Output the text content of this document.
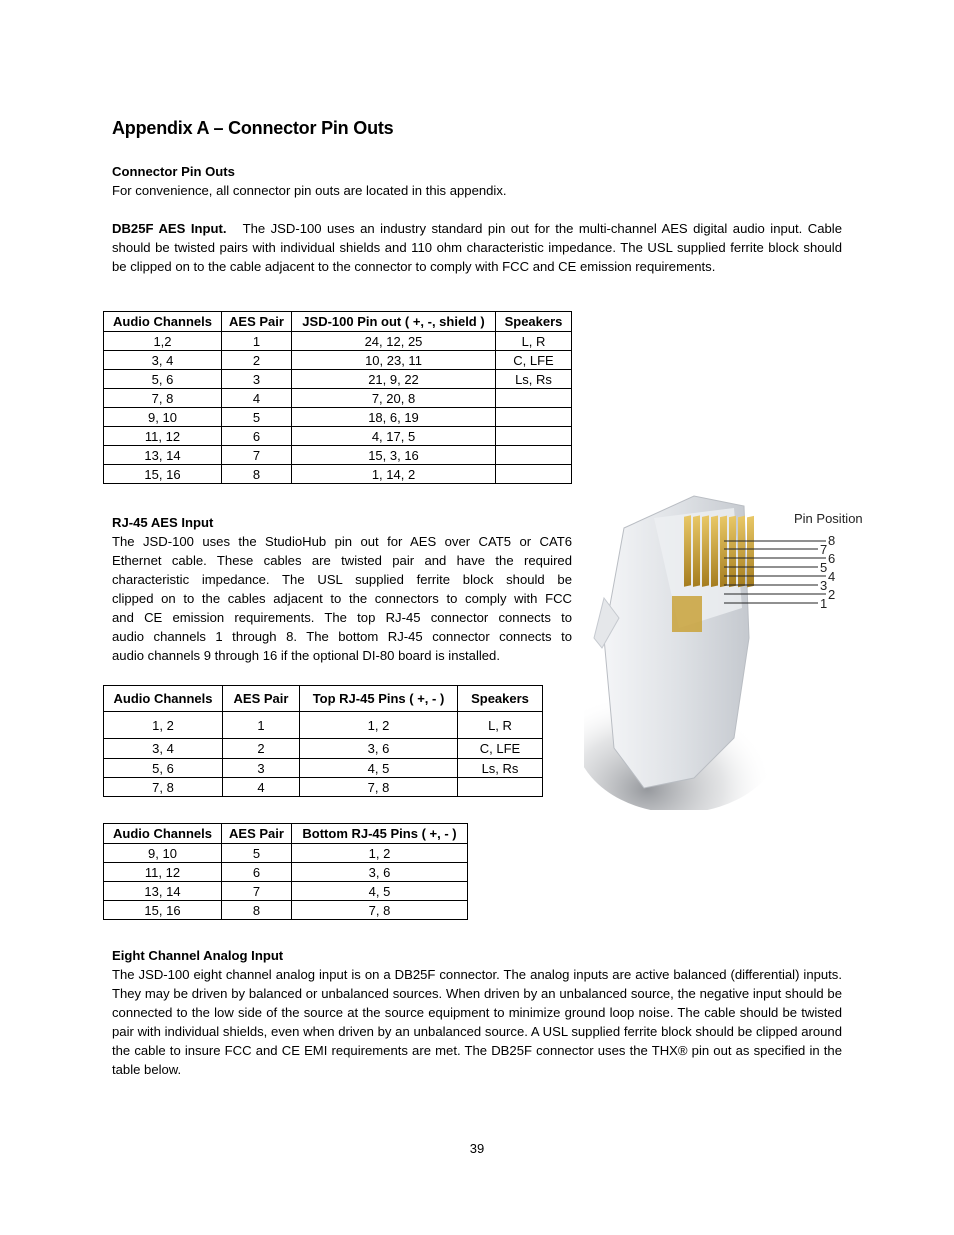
Appendix A – Connector Pin Outs
Connector Pin Outs
For convenience, all connector pin outs are located in this appendix.

DB25F AES Input. The JSD-100 uses an industry standard pin out for the multi-channel AES digital audio input. Cable should be twisted pairs with individual shields and 110 ohm characteristic impedance. The USL supplied ferrite block should be clipped on to the cable adjacent to the connector to comply with FCC and CE emission requirements.

Audio Channels	AES Pair	JSD-100 Pin out ( +, -, shield )	Speakers
1,2	1	24, 12, 25	L, R
3, 4	2	10, 23, 11	C, LFE
5, 6	3	21, 9, 22	Ls, Rs
7, 8	4	7, 20, 8	
9, 10	5	18, 6, 19	
11, 12	6	4, 17, 5	
13, 14	7	15, 3, 16	
15, 16	8	1, 14, 2	
RJ-45 AES Input
The JSD-100 uses the StudioHub pin out for AES over CAT5 or CAT6
Ethernet cable. These cables are twisted pair and have the required
characteristic impedance. The USL supplied ferrite block should be
clipped on to the cables adjacent to the connectors to comply with FCC
and CE emission requirements. The top RJ-45 connector connects to
audio channels 1 through 8. The bottom RJ-45 connector connects to
audio channels 9 through 16 if the optional DI-80 board is installed.
Pin Position
8
7
6
5
4
3
2
1
Audio Channels	AES Pair	Top RJ-45 Pins ( +, - )	Speakers
1, 2	1	1, 2	L, R
3, 4	2	3, 6	C, LFE
5, 6	3	4, 5	Ls, Rs
7, 8	4	7, 8	
Audio Channels	AES Pair	Bottom RJ-45 Pins ( +, - )
9, 10	5	1, 2
11, 12	6	3, 6
13, 14	7	4, 5
15, 16	8	7, 8
Eight Channel Analog Input
The JSD-100 eight channel analog input is on a DB25F connector. The analog inputs are active balanced (differential) inputs. They may be driven by balanced or unbalanced sources. When driven by an unbalanced source, the negative input should be connected to the low side of the source at the source equipment to minimize ground loop noise. The cable should be twisted pair with individual shields, even when driven by an unbalanced source. A USL supplied ferrite block should be clipped around the cable to insure FCC and CE EMI requirements are met. The DB25F connector uses the THX® pin out as specified in the table below.
39
